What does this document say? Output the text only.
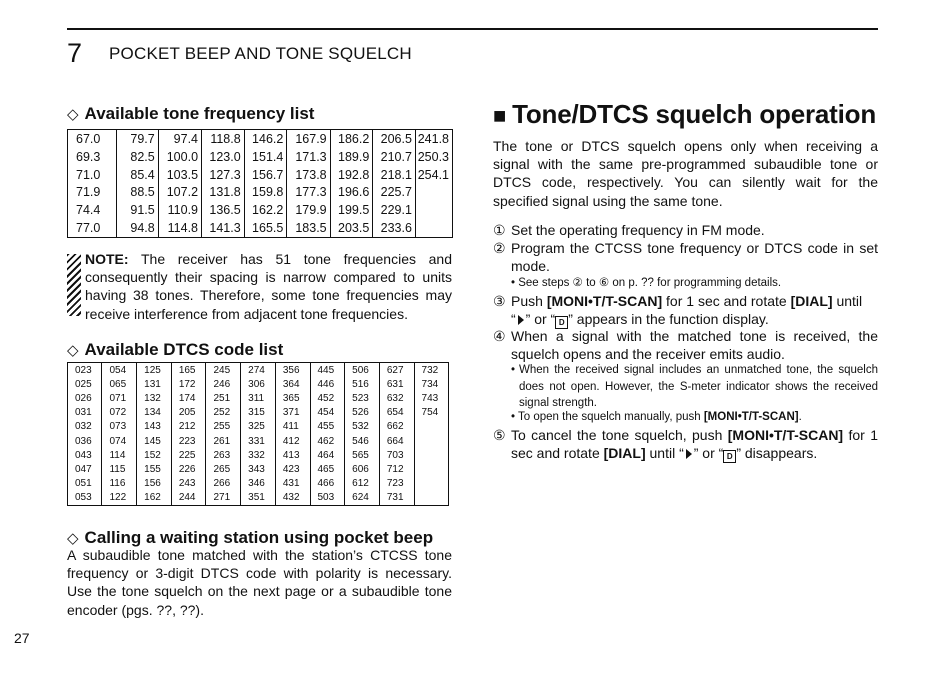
7 POCKET BEEP AND TONE SQUELCH
◇ Available tone frequency list
67.0	79.7	97.4	118.8	146.2	167.9	186.2	206.5	241.8
69.3	82.5	100.0	123.0	151.4	171.3	189.9	210.7	250.3
71.0	85.4	103.5	127.3	156.7	173.8	192.8	218.1	254.1
71.9	88.5	107.2	131.8	159.8	177.3	196.6	225.7	
74.4	91.5	110.9	136.5	162.2	179.9	199.5	229.1	
77.0	94.8	114.8	141.3	165.5	183.5	203.5	233.6	
NOTE: The receiver has 51 tone frequencies and consequently their spacing is narrow compared to units having 38 tones. Therefore, some tone frequencies may receive interference from adjacent tone frequencies.
◇ Available DTCS code list
023	054	125	165	245	274	356	445	506	627	732
025	065	131	172	246	306	364	446	516	631	734
026	071	132	174	251	311	365	452	523	632	743
031	072	134	205	252	315	371	454	526	654	754
032	073	143	212	255	325	411	455	532	662	
036	074	145	223	261	331	412	462	546	664	
043	114	152	225	263	332	413	464	565	703	
047	115	155	226	265	343	423	465	606	712	
051	116	156	243	266	346	431	466	612	723	
053	122	162	244	271	351	432	503	624	731	
◇ Calling a waiting station using pocket beep
A subaudible tone matched with the station’s CTCSS tone frequency or 3-digit DTCS code with polarity is necessary. Use the tone squelch on the next page or a subaudible tone encoder (pgs. ??, ??).
27
■ Tone/DTCS squelch operation
The tone or DTCS squelch opens only when receiving a signal with the same pre-programmed subaudible tone or DTCS code, respectively. You can silently wait for the specified signal using the same tone.
① Set the operating frequency in FM mode.
② Program the CTCSS tone frequency or DTCS code in set mode.
• See steps ② to ⑥ on p. ?? for programming details.
③ Push [MONI•T/T-SCAN] for 1 sec and rotate [DIAL] until
“ ” or “ D ” appears in the function display.
④ When a signal with the matched tone is received, the squelch opens and the receiver emits audio.
• When the received signal includes an unmatched tone, the squelch does not open. However, the S-meter indicator shows the received signal strength.
• To open the squelch manually, push [MONI•T/T-SCAN].
⑤ To cancel the tone squelch, push [MONI•T/T-SCAN] for 1 sec and rotate [DIAL] until “ ” or “ D ” disappears.
